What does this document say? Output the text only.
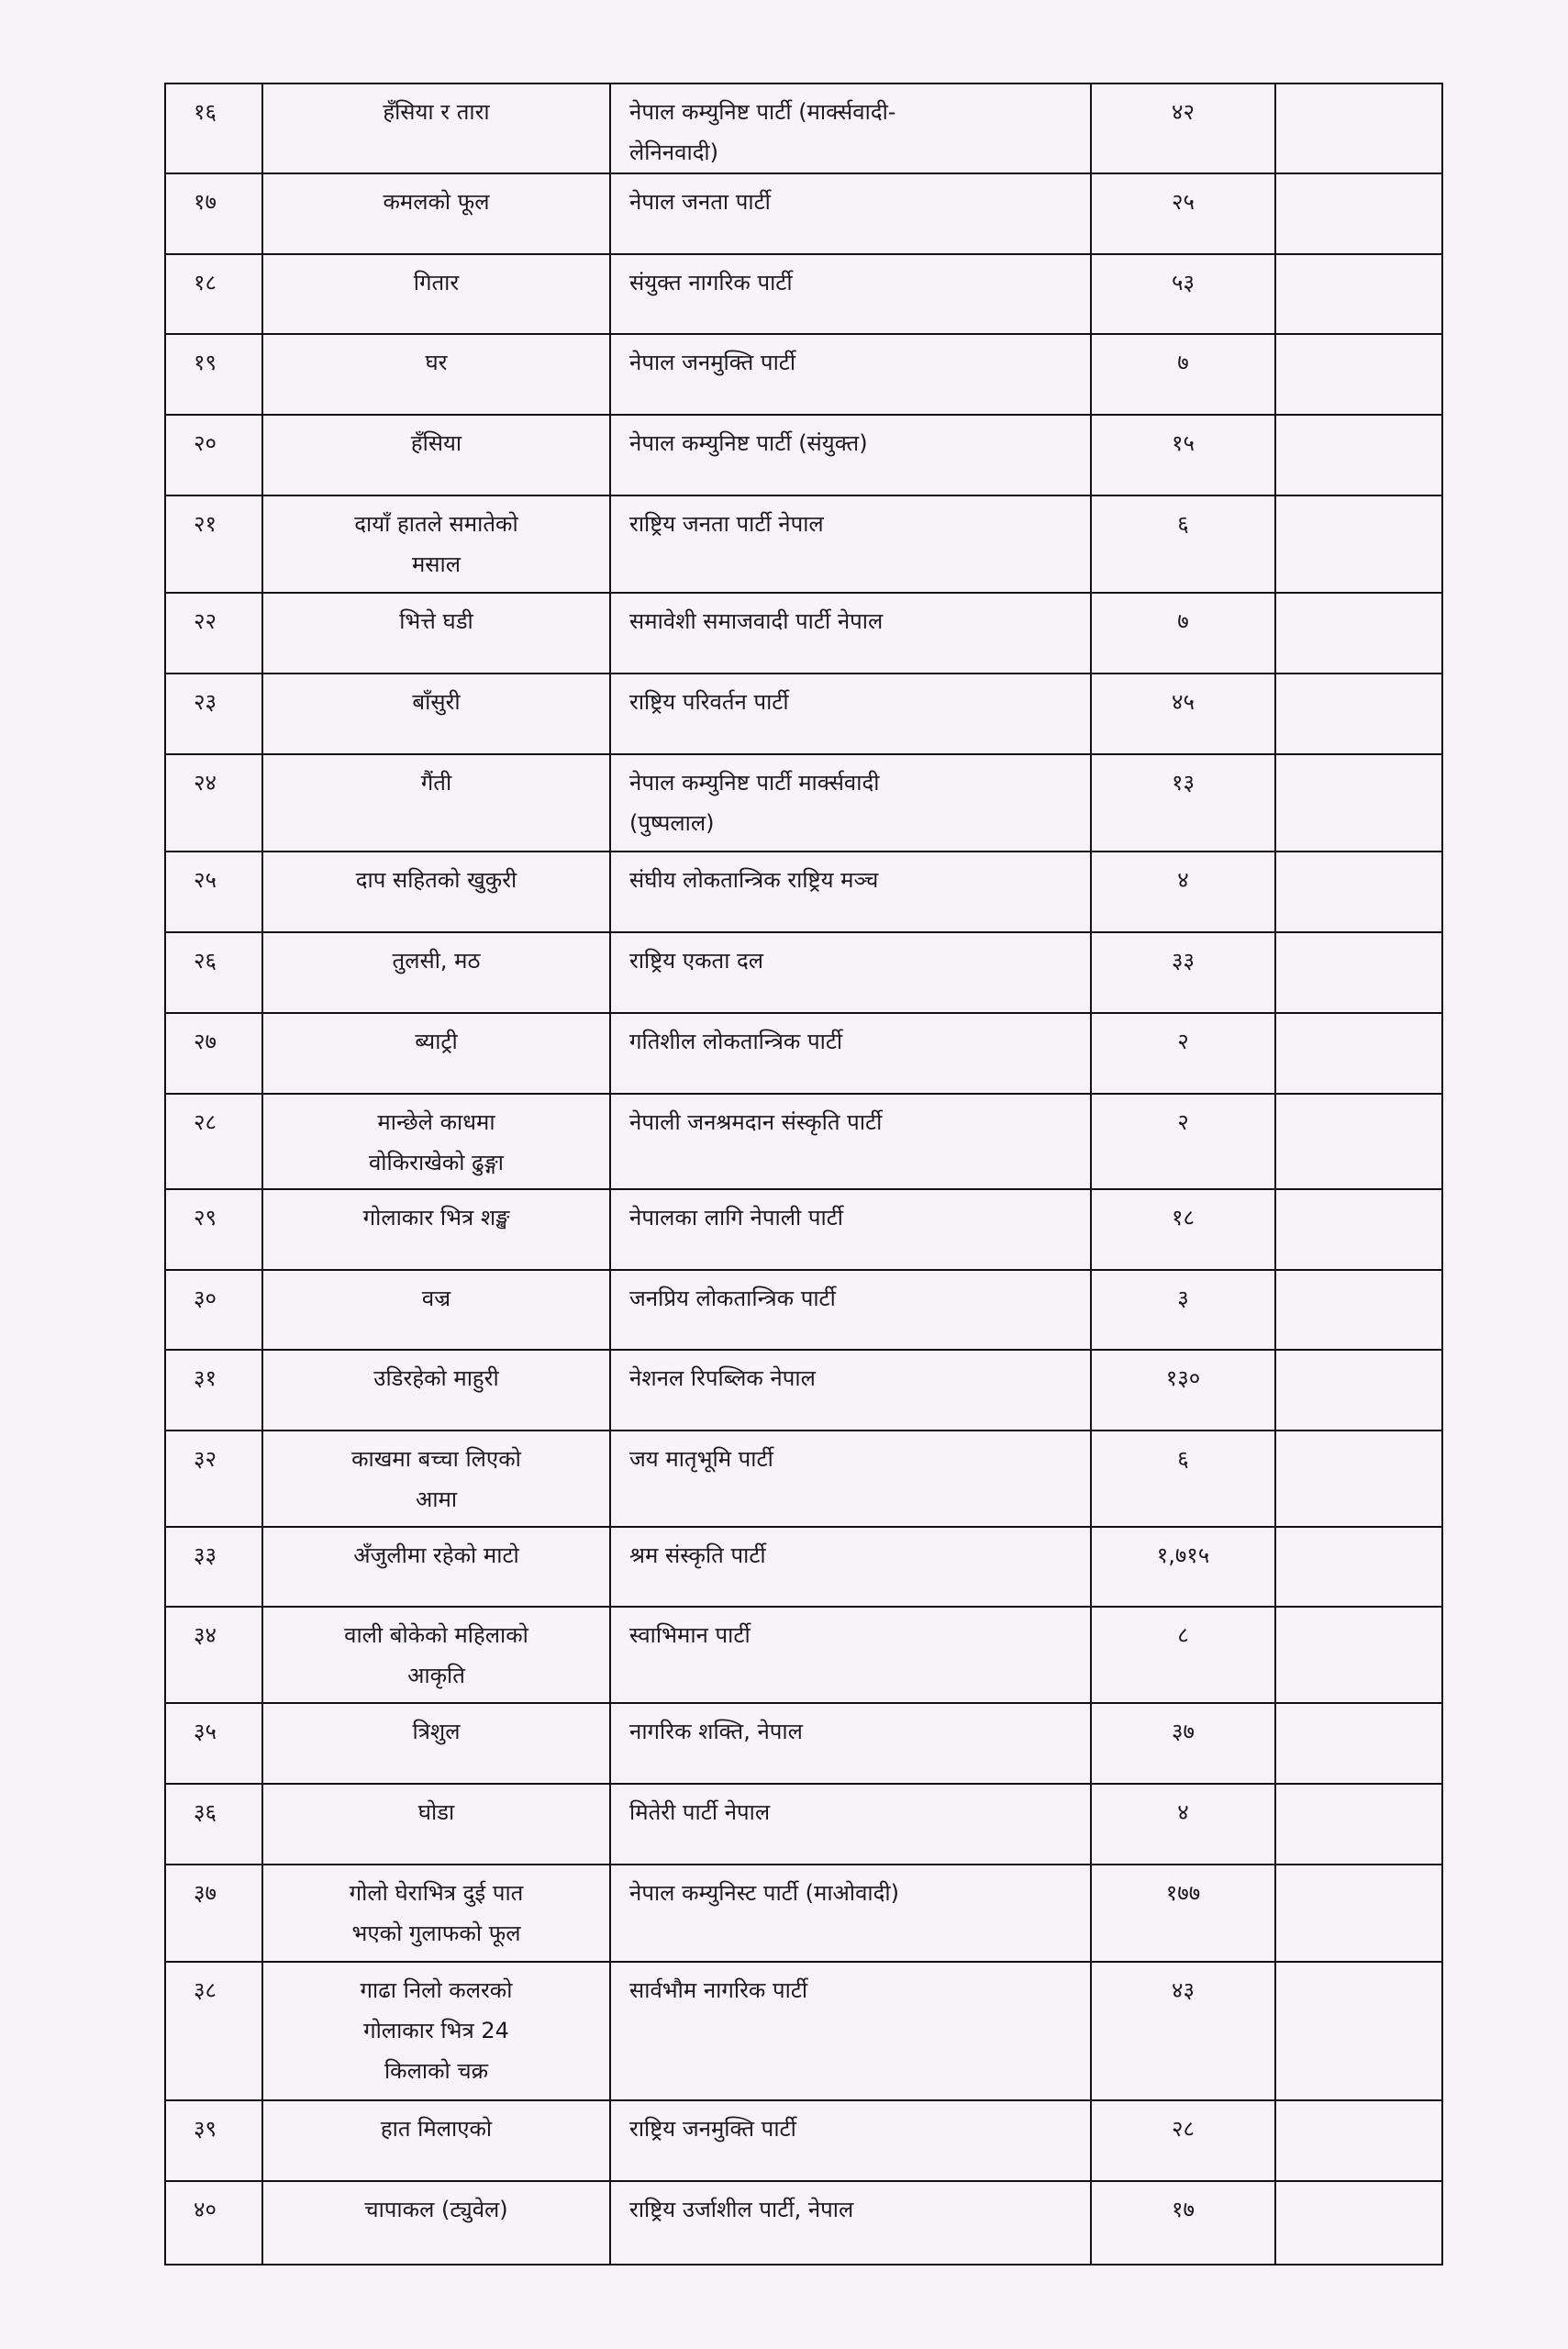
१६	हँसिया र तारा	नेपाल कम्युनिष्ट पार्टी (मार्क्सवादी-लेनिनवादी)	४२	
१७	कमलको फूल	नेपाल जनता पार्टी	२५	
१८	गितार	संयुक्त नागरिक पार्टी	५३	
१९	घर	नेपाल जनमुक्ति पार्टी	७	
२०	हँसिया	नेपाल कम्युनिष्ट पार्टी (संयुक्त)	१५	
२१	दायाँ हातले समातेको मसाल	राष्ट्रिय जनता पार्टी नेपाल	६	
२२	भित्ते घडी	समावेशी समाजवादी पार्टी नेपाल	७	
२३	बाँसुरी	राष्ट्रिय परिवर्तन पार्टी	४५	
२४	गैंती	नेपाल कम्युनिष्ट पार्टी मार्क्सवादी (पुष्पलाल)	१३	
२५	दाप सहितको खुकुरी	संघीय लोकतान्त्रिक राष्ट्रिय मञ्च	४	
२६	तुलसी, मठ	राष्ट्रिय एकता दल	३३	
२७	ब्याट्री	गतिशील लोकतान्त्रिक पार्टी	२	
२८	मान्छेले काधमा वोकिराखेको ढुङ्गा	नेपाली जनश्रमदान संस्कृति पार्टी	२	
२९	गोलाकार भित्र शङ्ख	नेपालका लागि नेपाली पार्टी	१८	
३०	वज्र	जनप्रिय लोकतान्त्रिक पार्टी	३	
३१	उडिरहेको माहुरी	नेशनल रिपब्लिक नेपाल	१३०	
३२	काखमा बच्चा लिएको आमा	जय मातृभूमि पार्टी	६	
३३	अँजुलीमा रहेको माटो	श्रम संस्कृति पार्टी	१,७१५	
३४	वाली बोकेको महिलाको आकृति	स्वाभिमान पार्टी	८	
३५	त्रिशुल	नागरिक शक्ति, नेपाल	३७	
३६	घोडा	मितेरी पार्टी नेपाल	४	
३७	गोलो घेराभित्र दुई पात भएको गुलाफको फूल	नेपाल कम्युनिस्ट पार्टी (माओवादी)	१७७	
३८	गाढा निलो कलरको गोलाकार भित्र 24 किलाको चक्र	सार्वभौम नागरिक पार्टी	४३	
३९	हात मिलाएको	राष्ट्रिय जनमुक्ति पार्टी	२८	
४०	चापाकल (ट्युवेल)	राष्ट्रिय उर्जाशील पार्टी, नेपाल	१७	
